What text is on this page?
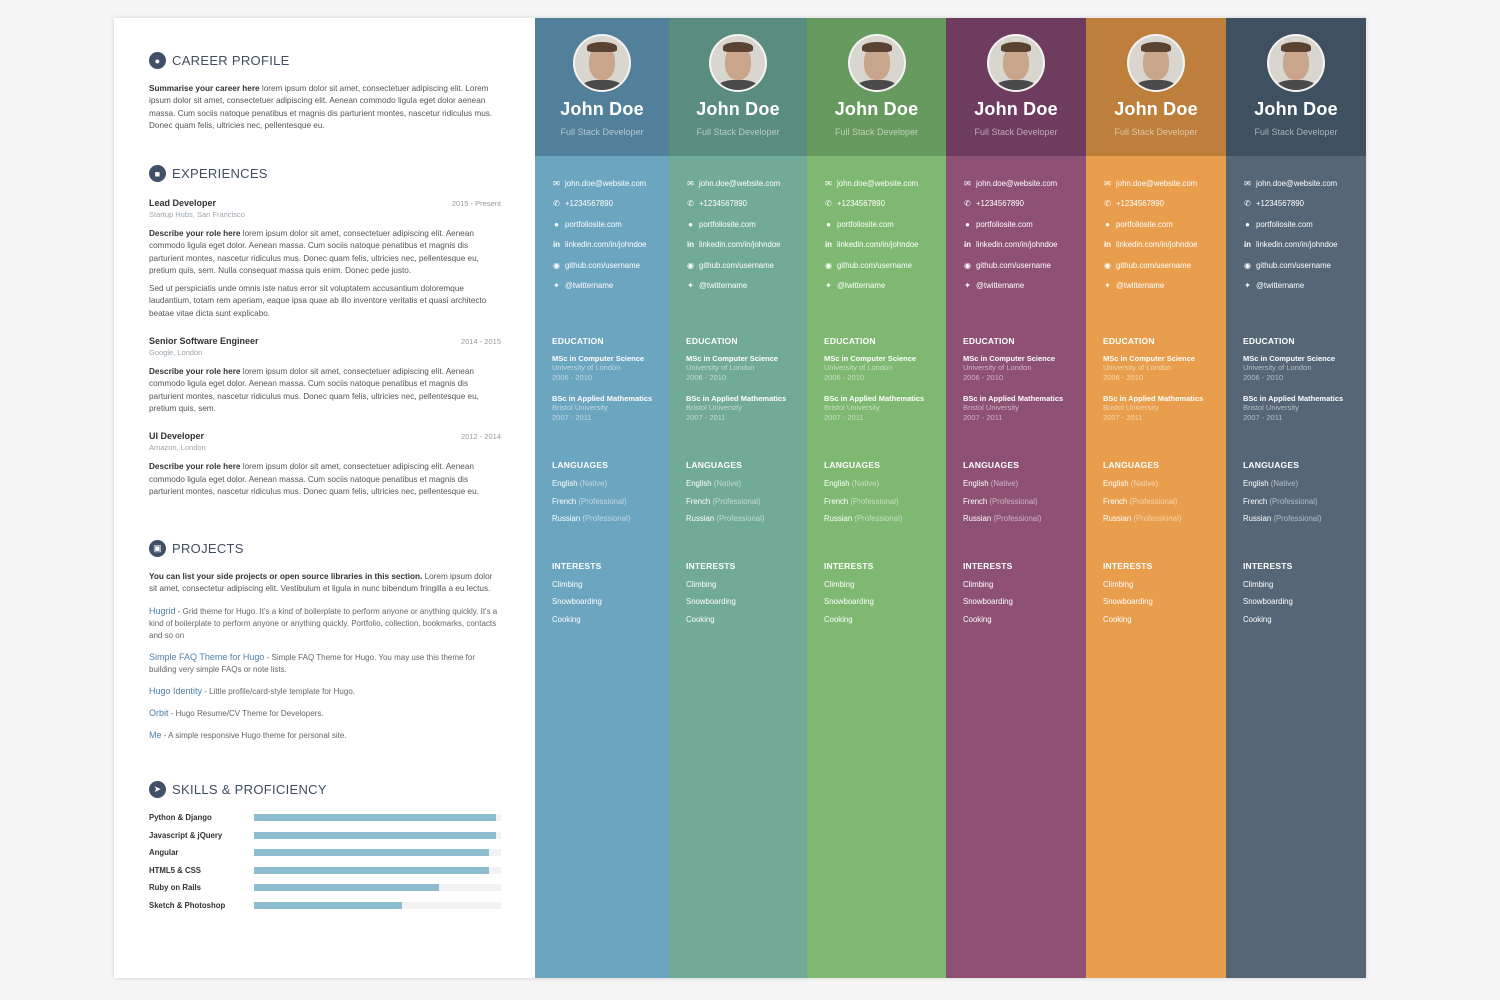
● CAREER PROFILE

Summarise your career here lorem ipsum dolor sit amet, consectetuer adipiscing elit. Lorem ipsum dolor sit amet, consectetuer adipiscing elit. Aenean commodo ligula eget dolor aenean massa. Cum sociis natoque penatibus et magnis dis parturient montes, nascetur ridiculus mus. Donec quam felis, ultricies nec, pellentesque eu.

■ EXPERIENCES
Lead Developer	2015 - Present
Startup Hubs, San Francisco

Describe your role here lorem ipsum dolor sit amet, consectetuer adipiscing elit. Aenean commodo ligula eget dolor. Aenean massa. Cum sociis natoque penatibus et magnis dis parturient montes, nascetur ridiculus mus. Donec quam felis, ultricies nec, pellentesque eu, pretium quis, sem. Nulla consequat massa quis enim. Donec pede justo.

Sed ut perspiciatis unde omnis iste natus error sit voluptatem accusantium doloremque laudantium, totam rem aperiam, eaque ipsa quae ab illo inventore veritatis et quasi architecto beatae vitae dicta sunt explicabo.

Senior Software Engineer	2014 - 2015
Google, London

Describe your role here lorem ipsum dolor sit amet, consectetuer adipiscing elit. Aenean commodo ligula eget dolor. Aenean massa. Cum sociis natoque penatibus et magnis dis parturient montes, nascetur ridiculus mus. Donec quam felis, ultricies nec, pellentesque eu, pretium quis, sem.

UI Developer	2012 - 2014
Amazon, London

Describe your role here lorem ipsum dolor sit amet, consectetuer adipiscing elit. Aenean commodo ligula eget dolor. Aenean massa. Cum sociis natoque penatibus et magnis dis parturient montes, nascetur ridiculus mus. Donec quam felis, ultricies nec, pellentesque eu.

▣ PROJECTS

You can list your side projects or open source libraries in this section. Lorem ipsum dolor sit amet, consectetur adipiscing elit. Vestibulum et ligula in nunc bibendum fringilla a eu lectus.

Hugrid - Grid theme for Hugo. It's a kind of boilerplate to perform anyone or anything quickly. It's a kind of boilerplate to perform anyone or anything quickly. Portfolio, collection, bookmarks, contacts and so on
Simple FAQ Theme for Hugo - Simple FAQ Theme for Hugo. You may use this theme for building very simple FAQs or note lists.
Hugo Identity - Little profile/card-style template for Hugo.
Orbit - Hugo Resume/CV Theme for Developers.
Me - A simple responsive Hugo theme for personal site.
➤ SKILLS & PROFICIENCY
Python & Django
Javascript & jQuery
Angular
HTML5 & CSS
Ruby on Rails
Sketch & Photoshop
John Doe
Full Stack Developer
✉ john.doe@website.com
✆ +1234567890
● portfoliosite.com
in linkedin.com/in/johndoe
◉ github.com/username
✦ @twittername
EDUCATION
MSc in Computer Science
University of London
2006 - 2010
BSc in Applied Mathematics
Bristol University
2007 - 2011
LANGUAGES
English (Native)
French (Professional)
Russian (Professional)
INTERESTS
Climbing
Snowboarding
Cooking
John Doe
Full Stack Developer
✉ john.doe@website.com
✆ +1234567890
● portfoliosite.com
in linkedin.com/in/johndoe
◉ github.com/username
✦ @twittername
EDUCATION
MSc in Computer Science
University of London
2006 - 2010
BSc in Applied Mathematics
Bristol University
2007 - 2011
LANGUAGES
English (Native)
French (Professional)
Russian (Professional)
INTERESTS
Climbing
Snowboarding
Cooking
John Doe
Full Stack Developer
✉ john.doe@website.com
✆ +1234567890
● portfoliosite.com
in linkedin.com/in/johndoe
◉ github.com/username
✦ @twittername
EDUCATION
MSc in Computer Science
University of London
2006 - 2010
BSc in Applied Mathematics
Bristol University
2007 - 2011
LANGUAGES
English (Native)
French (Professional)
Russian (Professional)
INTERESTS
Climbing
Snowboarding
Cooking
John Doe
Full Stack Developer
✉ john.doe@website.com
✆ +1234567890
● portfoliosite.com
in linkedin.com/in/johndoe
◉ github.com/username
✦ @twittername
EDUCATION
MSc in Computer Science
University of London
2006 - 2010
BSc in Applied Mathematics
Bristol University
2007 - 2011
LANGUAGES
English (Native)
French (Professional)
Russian (Professional)
INTERESTS
Climbing
Snowboarding
Cooking
John Doe
Full Stack Developer
✉ john.doe@website.com
✆ +1234567890
● portfoliosite.com
in linkedin.com/in/johndoe
◉ github.com/username
✦ @twittername
EDUCATION
MSc in Computer Science
University of London
2006 - 2010
BSc in Applied Mathematics
Bristol University
2007 - 2011
LANGUAGES
English (Native)
French (Professional)
Russian (Professional)
INTERESTS
Climbing
Snowboarding
Cooking
John Doe
Full Stack Developer
✉ john.doe@website.com
✆ +1234567890
● portfoliosite.com
in linkedin.com/in/johndoe
◉ github.com/username
✦ @twittername
EDUCATION
MSc in Computer Science
University of London
2006 - 2010
BSc in Applied Mathematics
Bristol University
2007 - 2011
LANGUAGES
English (Native)
French (Professional)
Russian (Professional)
INTERESTS
Climbing
Snowboarding
Cooking
